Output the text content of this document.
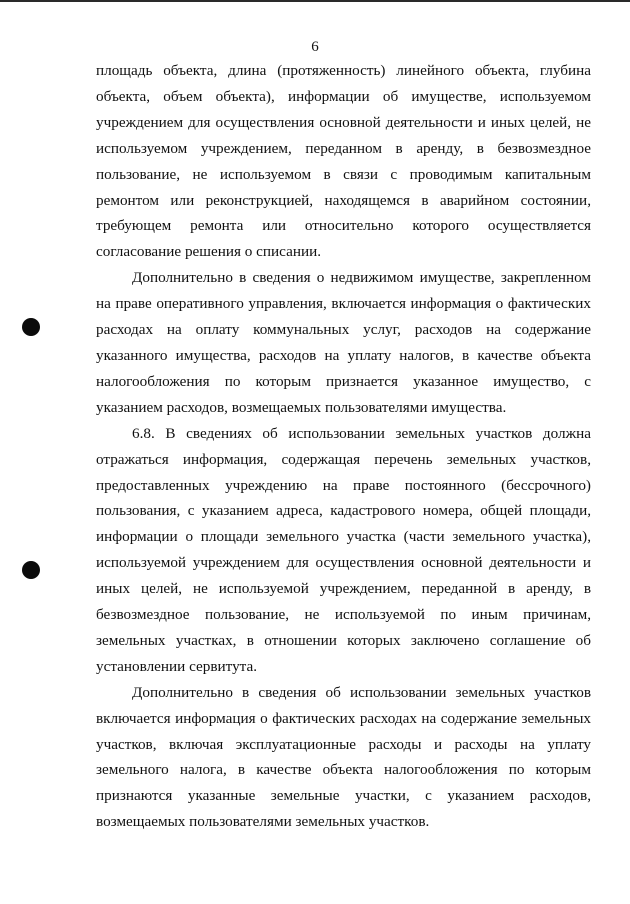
6

площадь объекта, длина (протяженность) линейного объекта, глубина объекта, объем объекта), информации об имуществе, используемом учреждением для осуществления основной деятельности и иных целей, не используемом учреждением, переданном в аренду, в безвозмездное пользование, не используемом в связи с проводимым капитальным ремонтом или реконструкцией, находящемся в аварийном состоянии, требующем ремонта или относительно которого осуществляется согласование решения о списании.

Дополнительно в сведения о недвижимом имуществе, закрепленном на праве оперативного управления, включается информация о фактических расходах на оплату коммунальных услуг, расходов на содержание указанного имущества, расходов на уплату налогов, в качестве объекта налогообложения по которым признается указанное имущество, с указанием расходов, возмещаемых пользователями имущества.

6.8. В сведениях об использовании земельных участков должна отражаться информация, содержащая перечень земельных участков, предоставленных учреждению на праве постоянного (бессрочного) пользования, с указанием адреса, кадастрового номера, общей площади, информации о площади земельного участка (части земельного участка), используемой учреждением для осуществления основной деятельности и иных целей, не используемой учреждением, переданной в аренду, в безвозмездное пользование, не используемой по иным причинам, земельных участках, в отношении которых заключено соглашение об установлении сервитута.

Дополнительно в сведения об использовании земельных участков включается информация о фактических расходах на содержание земельных участков, включая эксплуатационные расходы и расходы на уплату земельного налога, в качестве объекта налогообложения по которым признаются указанные земельные участки, с указанием расходов, возмещаемых пользователями земельных участков.
